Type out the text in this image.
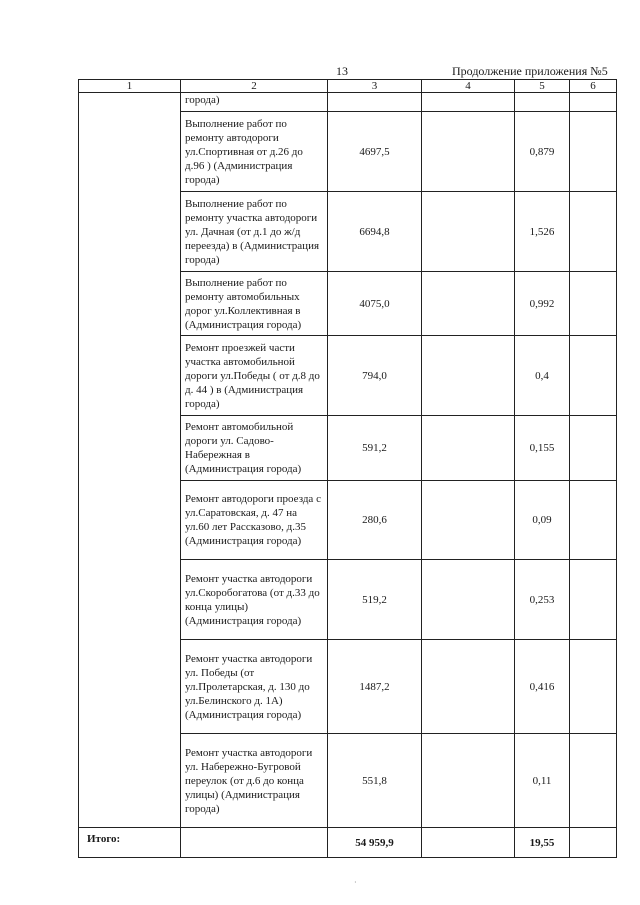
13	Продолжение приложения №5
1	2	3	4	5	6
	города)				
	Выполнение работ по ремонту автодороги ул.Спортивная от д.26 до д.96 ) (Администрация города)	4697,5		0,879	
	Выполнение работ по ремонту участка автодороги ул. Дачная (от д.1 до ж/д переезда) в (Администрация города)	6694,8		1,526	
	Выполнение работ по ремонту автомобильных дорог ул.Коллективная в (Администрация города)	4075,0		0,992	
	Ремонт проезжей части участка автомобильной дороги ул.Победы ( от д.8 до д. 44 ) в (Администрация города)	794,0		0,4	
	Ремонт автомобильной дороги ул. Садово-Набережная в (Администрация города)	591,2		0,155	
	Ремонт автодороги проезда с ул.Саратовская, д. 47 на ул.60 лет Рассказово, д.35 (Администрация города)	280,6		0,09	
	Ремонт участка автодороги ул.Скоробогатова (от д.33 до конца улицы) (Администрация города)	519,2		0,253	
	Ремонт участка автодороги ул. Победы (от ул.Пролетарская, д. 130 до ул.Белинского д. 1А) (Администрация города)	1487,2		0,416	
	Ремонт участка автодороги ул. Набережно-Бугровой переулок (от д.6 до конца улицы) (Администрация города)	551,8		0,11	
Итого:		54 959,9		19,55	
·
